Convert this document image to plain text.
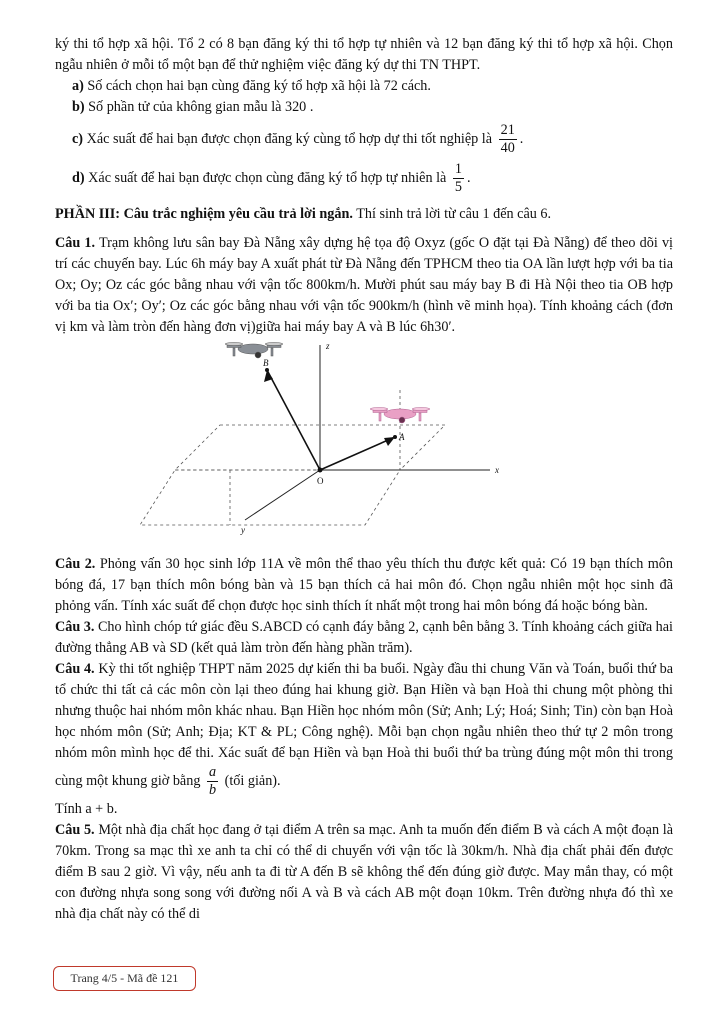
ký thi tổ hợp xã hội. Tổ 2 có 8 bạn đăng ký thi tổ hợp tự nhiên và 12 bạn đăng ký thi tổ hợp xã hội. Chọn ngẫu nhiên ở mỗi tổ một bạn để thử nghiệm việc đăng ký dự thi TN THPT.

a) Số cách chọn hai bạn cùng đăng ký tổ hợp xã hội là 72 cách.

b) Số phần tử của không gian mẫu là 320 .

c) Xác suất để hai bạn được chọn đăng ký cùng tổ hợp dự thi tốt nghiệp là $\frac{21}{40}$ .

d) Xác suất để hai bạn được chọn cùng đăng ký tổ hợp tự nhiên là $\frac{1}{5}$ .

PHẦN III: Câu trắc nghiệm yêu cầu trả lời ngắn. Thí sinh trả lời từ câu 1 đến câu 6.

Câu 1. Trạm không lưu sân bay Đà Nẵng xây dựng hệ tọa độ Oxyz (gốc O đặt tại Đà Nẵng) để theo dõi vị trí các chuyến bay. Lúc 6h máy bay A xuất phát từ Đà Nẵng đến TPHCM theo tia OA lần lượt hợp với ba tia Ox; Oy; Oz các góc bằng nhau với vận tốc 800km/h. Mười phút sau máy bay B đi Hà Nội theo tia OB hợp với ba tia Ox′; Oy′; Oz các góc bằng nhau với vận tốc 900km/h (hình vẽ minh họa). Tính khoảng cách (đơn vị km và làm tròn đến hàng đơn vị)giữa hai máy bay A và B lúc 6h30′.

z
x
y
O
A
B

Câu 2. Phỏng vấn 30 học sinh lớp 11A về môn thể thao yêu thích thu được kết quả: Có 19 bạn thích môn bóng đá, 17 bạn thích môn bóng bàn và 15 bạn thích cả hai môn đó. Chọn ngẫu nhiên một học sinh đã phỏng vấn. Tính xác suất để chọn được học sinh thích ít nhất một trong hai môn bóng đá hoặc bóng bàn.

Câu 3. Cho hình chóp tứ giác đều S.ABCD có cạnh đáy bằng 2, cạnh bên bằng 3. Tính khoảng cách giữa hai đường thẳng AB và SD (kết quả làm tròn đến hàng phần trăm).

Câu 4. Kỳ thi tốt nghiệp THPT năm 2025 dự kiến thi ba buổi. Ngày đầu thi chung Văn và Toán, buổi thứ ba tổ chức thi tất cả các môn còn lại theo đúng hai khung giờ. Bạn Hiền và bạn Hoà thi chung một phòng thi nhưng thuộc hai nhóm môn khác nhau. Bạn Hiền học nhóm môn (Sử; Anh; Lý; Hoá; Sinh; Tin) còn bạn Hoà học nhóm môn (Sử; Anh; Địa; KT & PL; Công nghệ). Mỗi bạn chọn ngẫu nhiên theo thứ tự 2 môn trong nhóm môn mình học để thi. Xác suất để bạn Hiền và bạn Hoà thi buổi thứ ba trùng đúng một môn thi trong cùng một khung giờ bằng $\frac{a}{b}$ (tối giản).

Tính a + b.

Câu 5. Một nhà địa chất học đang ở tại điểm A trên sa mạc. Anh ta muốn đến điểm B và cách A một đoạn là 70km. Trong sa mạc thì xe anh ta chỉ có thể di chuyển với vận tốc là 30km/h. Nhà địa chất phải đến được điểm B sau 2 giờ. Vì vậy, nếu anh ta đi từ A đến B sẽ không thể đến đúng giờ được. May mắn thay, có một con đường nhựa song song với đường nối A và B và cách AB một đoạn 10km. Trên đường nhựa đó thì xe nhà địa chất này có thể di

Trang 4/5 - Mã đề 121
